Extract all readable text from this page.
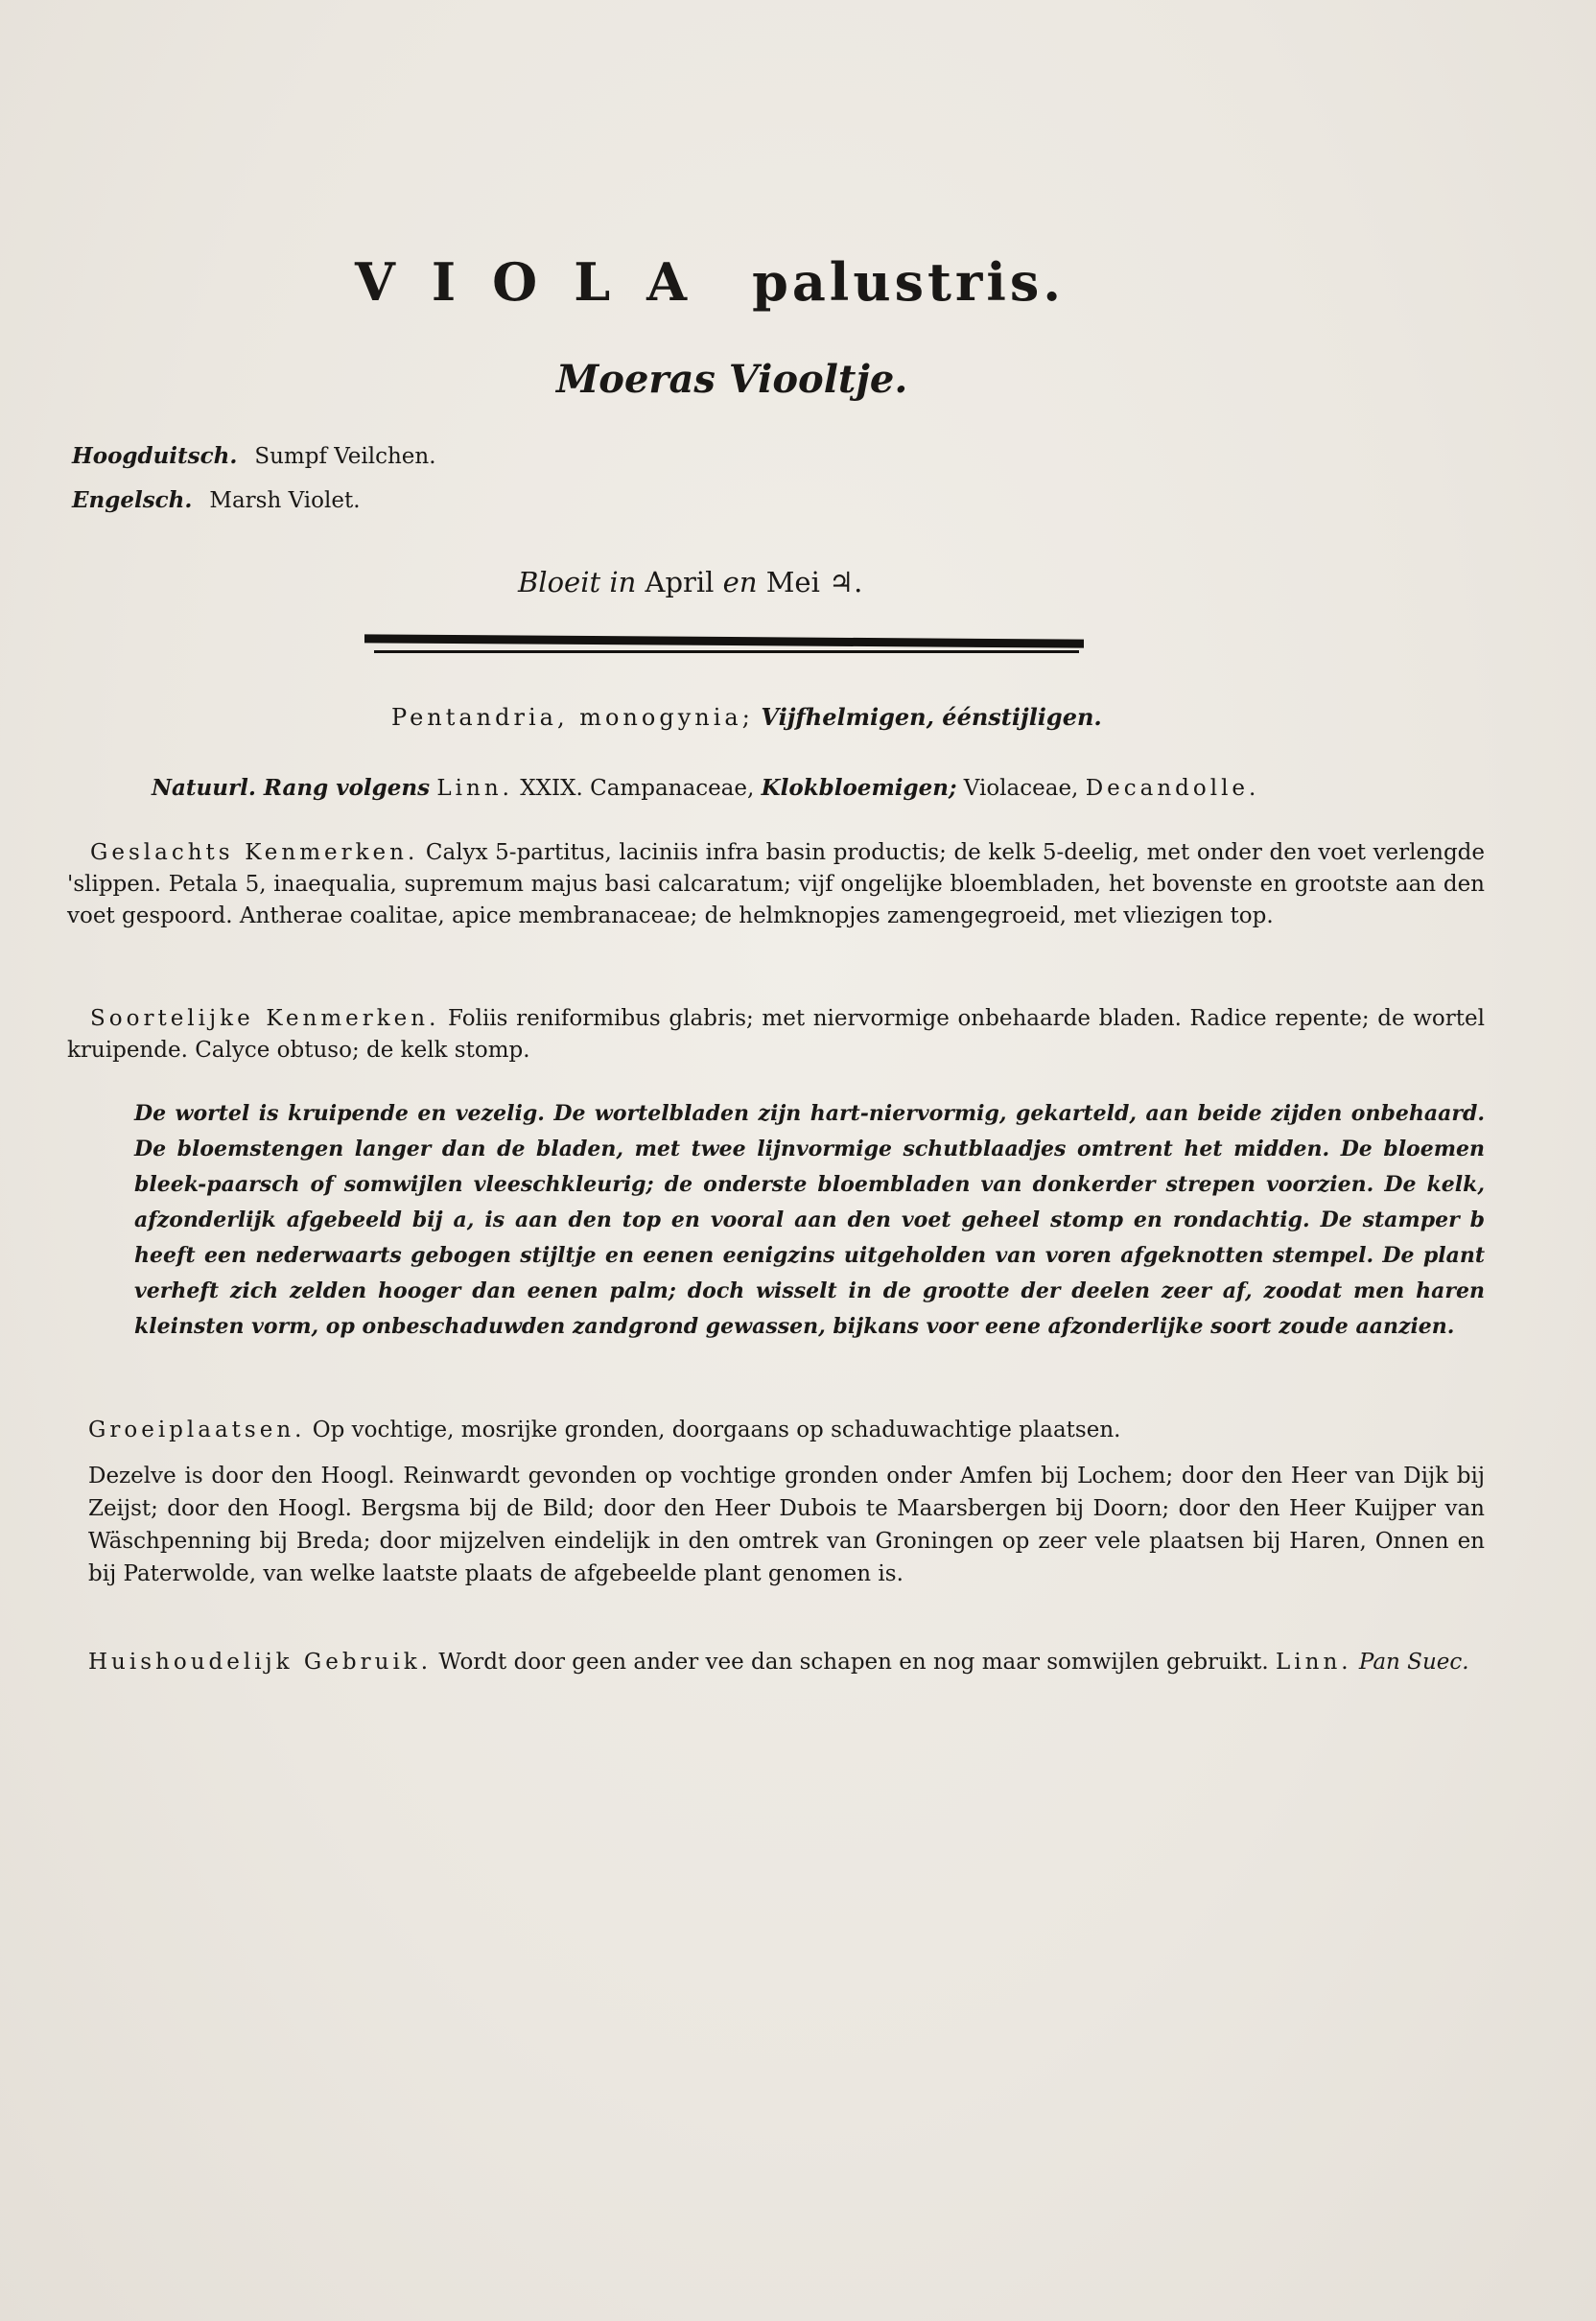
VIOLA palustris.
Moeras Viooltje.
Hoogduitsch. Sumpf Veilchen.
Engelsch. Marsh Violet.
Bloeit in April en Mei ♃.
Pentandria, monogynia; Vijfhelmigen, éénstijligen.
Natuurl. Rang volgens Linn. XXIX. Campanaceae, Klokbloemigen; Violaceae, Decandolle.
Geslachts Kenmerken. Calyx 5-partitus, laciniis infra basin productis; de kelk 5-deelig, met onder den voet verlengde 'slippen. Petala 5, inaequalia, supremum majus basi calcaratum; vijf ongelijke bloembladen, het bovenste en grootste aan den voet gespoord. Antherae coalitae, apice membranaceae; de helmknopjes zamengegroeid, met vliezigen top.
Soortelijke Kenmerken. Foliis reniformibus glabris; met niervormige onbehaarde bladen. Radice repente; de wortel kruipende. Calyce obtuso; de kelk stomp.
De wortel is kruipende en vezelig. De wortelbladen zijn hart-niervormig, gekarteld, aan beide zijden onbehaard. De bloemstengen langer dan de bladen, met twee lijnvormige schutblaadjes omtrent het midden. De bloemen bleek-paarsch of somwijlen vleeschkleurig; de onderste bloembladen van donkerder strepen voorzien. De kelk, afzonderlijk afgebeeld bij a, is aan den top en vooral aan den voet geheel stomp en rondachtig. De stamper b heeft een nederwaarts gebogen stijltje en eenen eenigzins uitgeholden van voren afgeknotten stempel. De plant verheft zich zelden hooger dan eenen palm; doch wisselt in de grootte der deelen zeer af, zoodat men haren kleinsten vorm, op onbeschaduwden zandgrond gewassen, bijkans voor eene afzonderlijke soort zoude aanzien.
Groeiplaatsen. Op vochtige, mosrijke gronden, doorgaans op schaduwachtige plaatsen.
Dezelve is door den Hoogl. Reinwardt gevonden op vochtige gronden onder Amfen bij Lochem; door den Heer van Dijk bij Zeijst; door den Hoogl. Bergsma bij de Bild; door den Heer Dubois te Maarsbergen bij Doorn; door den Heer Kuijper van Wäschpenning bij Breda; door mijzelven eindelijk in den omtrek van Groningen op zeer vele plaatsen bij Haren, Onnen en bij Paterwolde, van welke laatste plaats de afgebeelde plant genomen is.
Huishoudelijk Gebruik. Wordt door geen ander vee dan schapen en nog maar somwijlen gebruikt. Linn. Pan Suec.
